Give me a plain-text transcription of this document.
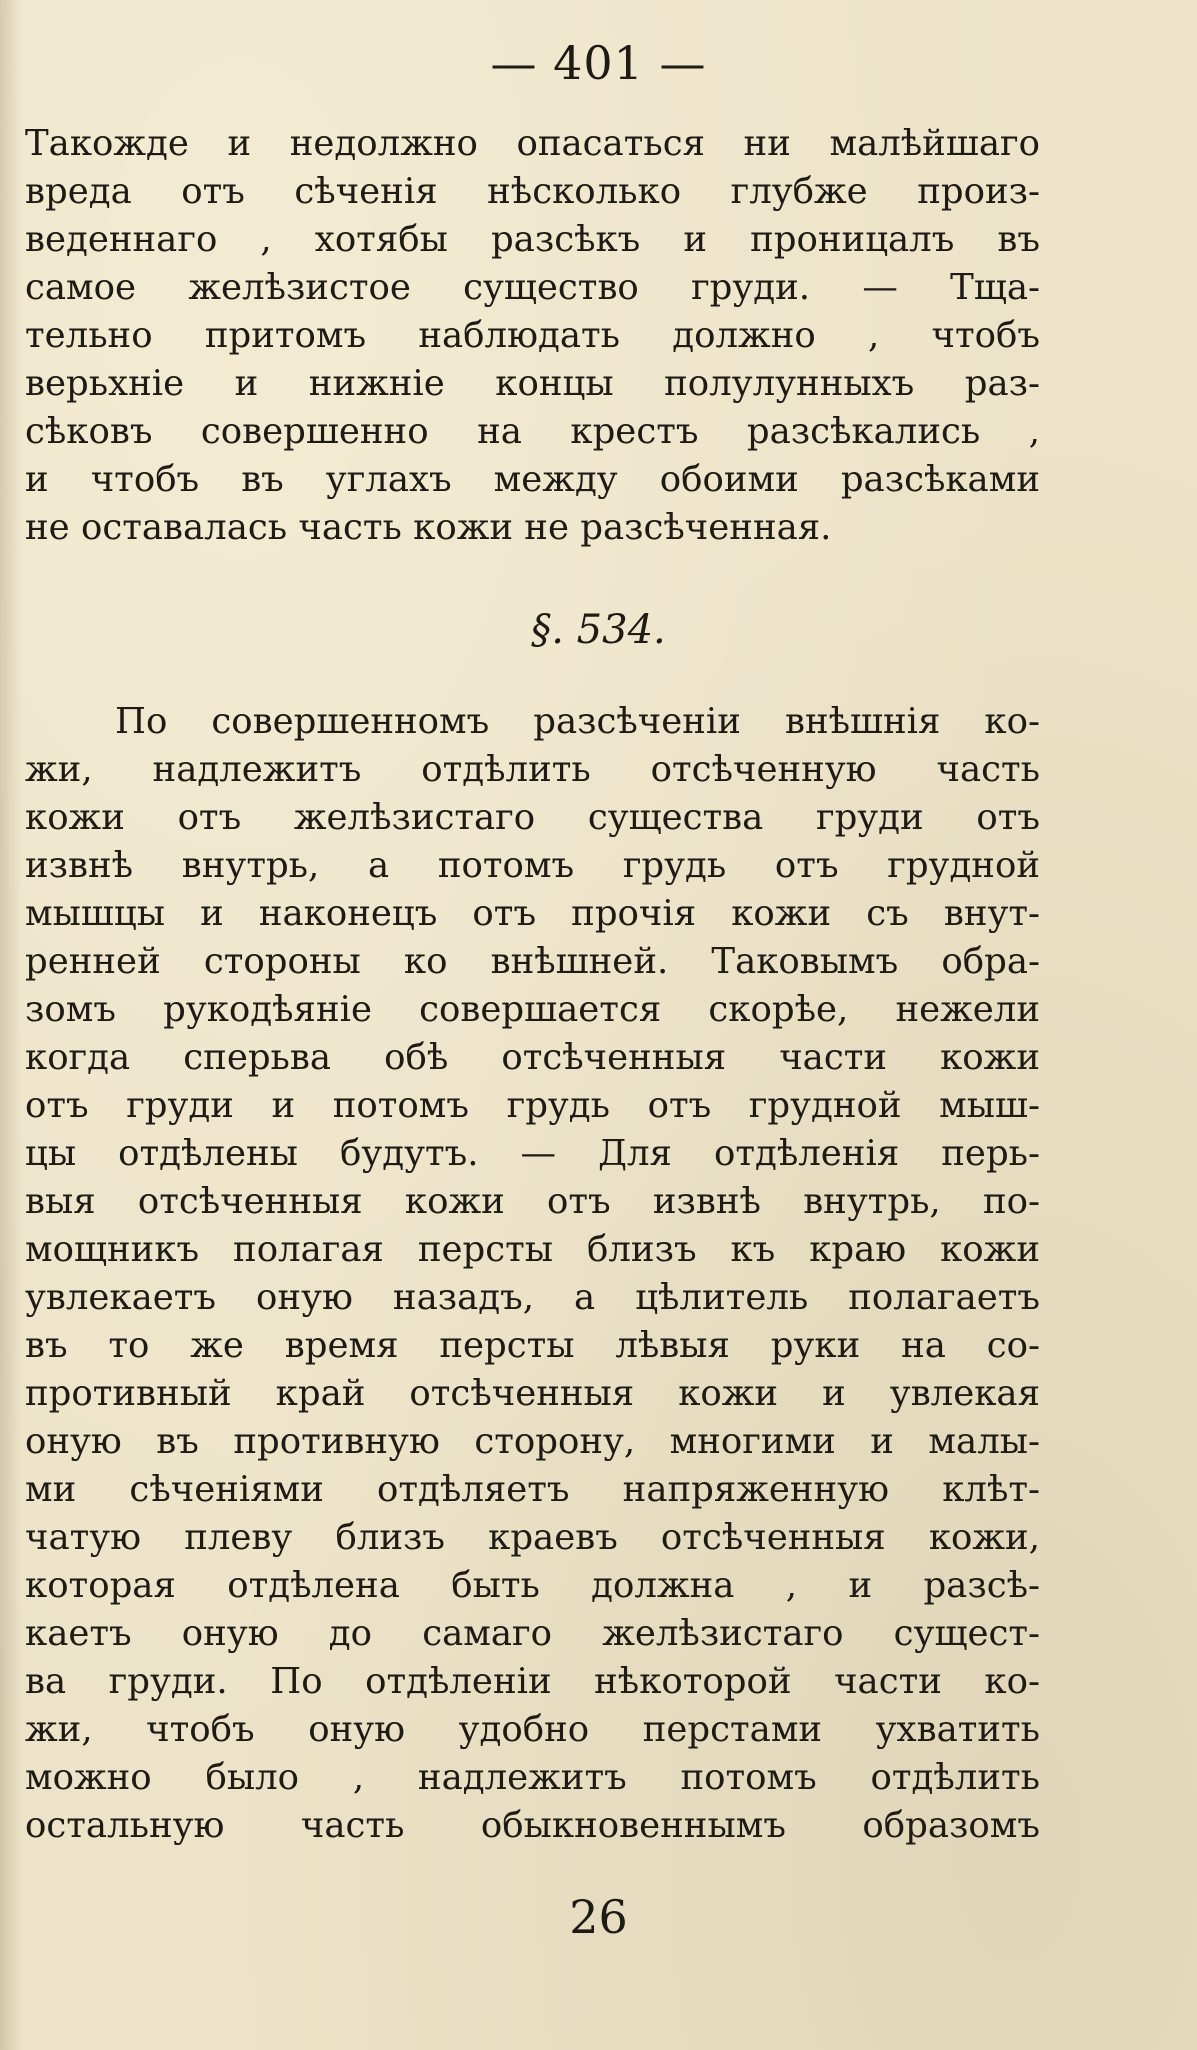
— 401 —
Такожде и недолжно опасаться ни малѣйшаго
вреда отъ сѣченія нѣсколько глубже произ-
веденнаго , хотябы разсѣкъ и проницалъ въ
самое желѣзистое существо груди. — Тща-
тельно притомъ наблюдать должно , чтобъ
верьхніе и нижніе концы полулунныхъ раз-
сѣковъ совершенно на крестъ разсѣкались ,
и чтобъ въ углахъ между обоими разсѣками
не оставалась часть кожи не разсѣченная.
§. 534.
По совершенномъ разсѣченіи внѣшнія ко-
жи, надлежитъ отдѣлить отсѣченную часть
кожи отъ желѣзистаго существа груди отъ
извнѣ внутрь, а потомъ грудь отъ грудной
мышцы и наконецъ отъ прочія кожи съ внут-
ренней стороны ко внѣшней. Таковымъ обра-
зомъ рукодѣяніе совершается скорѣе, нежели
когда сперьва обѣ отсѣченныя части кожи
отъ груди и потомъ грудь отъ грудной мыш-
цы отдѣлены будутъ. — Для отдѣленія перь-
выя отсѣченныя кожи отъ извнѣ внутрь, по-
мощникъ полагая персты близъ къ краю кожи
увлекаетъ оную назадъ, а цѣлитель полагаетъ
въ то же время персты лѣвыя руки на со-
противный край отсѣченныя кожи и увлекая
оную въ противную сторону, многими и малы-
ми сѣченіями отдѣляетъ напряженную клѣт-
чатую плеву близъ краевъ отсѣченныя кожи,
которая отдѣлена быть должна , и разсѣ-
каетъ оную до самаго желѣзистаго сущест-
ва груди. По отдѣленіи нѣкоторой части ко-
жи, чтобъ оную удобно перстами ухватить
можно было , надлежитъ потомъ отдѣлить
остальную часть обыкновеннымъ образомъ
26
